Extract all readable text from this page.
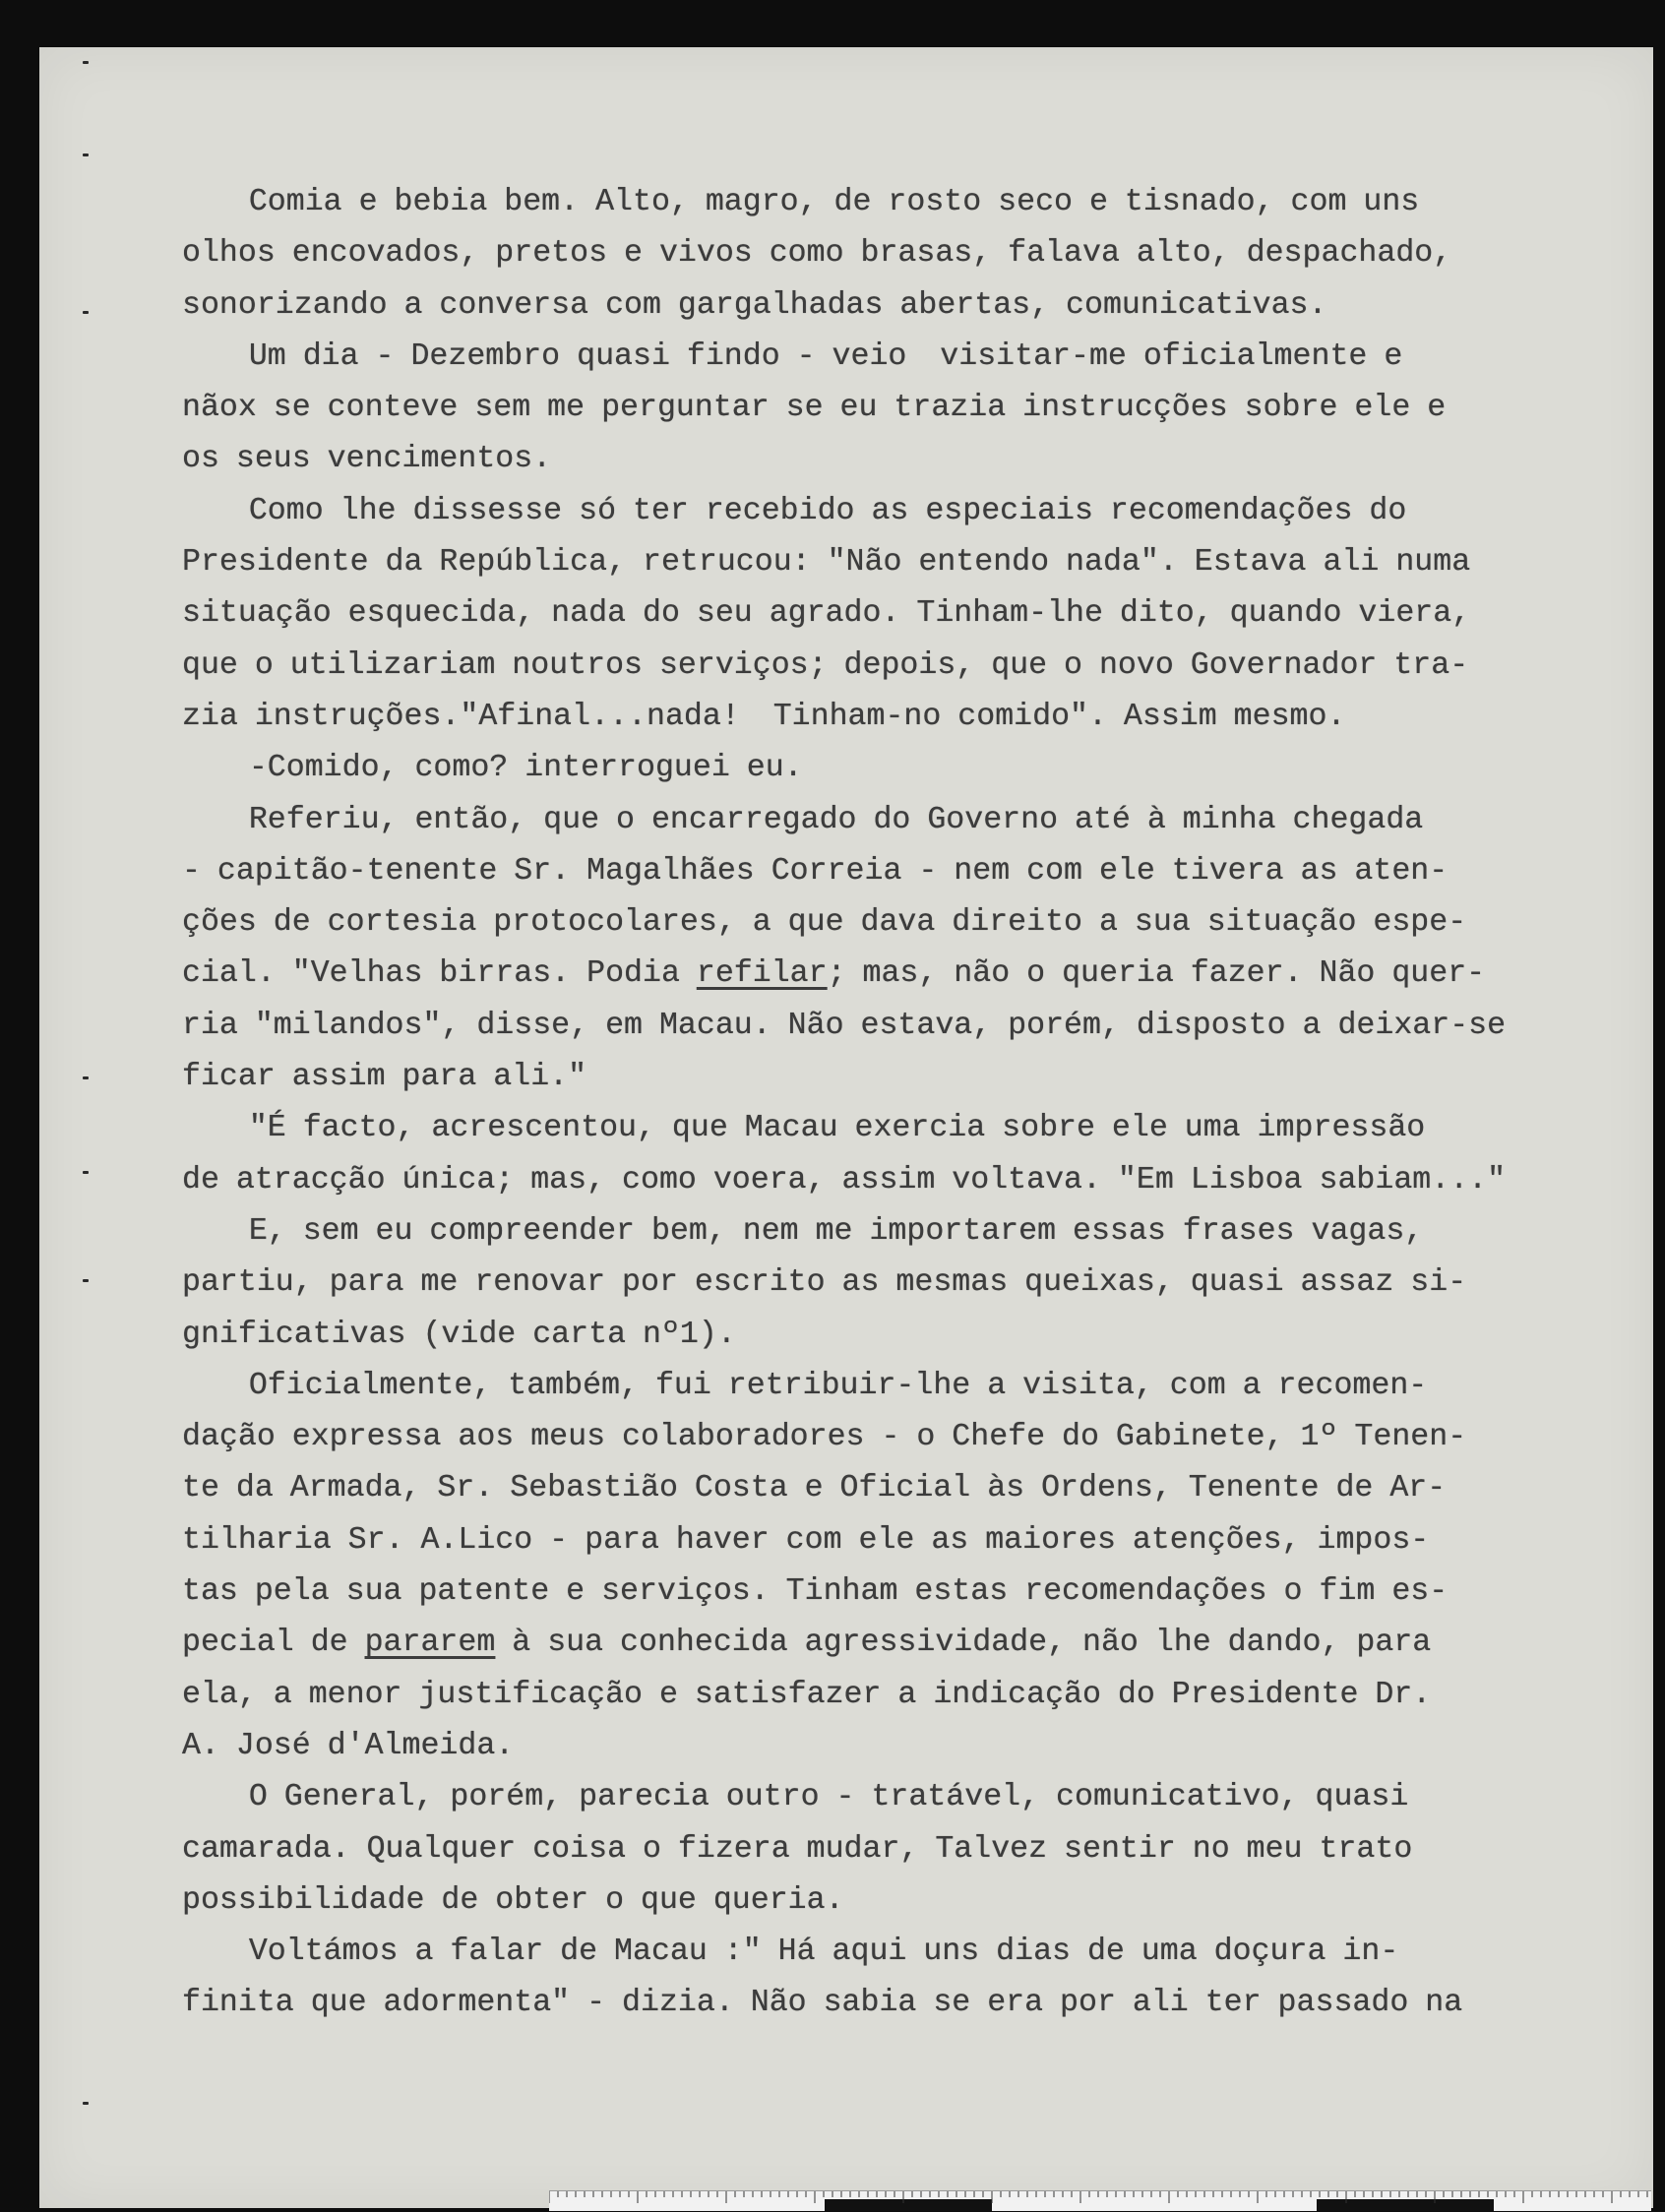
Comia e bebia bem. Alto, magro, de rosto seco e tisnado, com uns
olhos encovados, pretos e vivos como brasas, falava alto, despachado,
sonorizando a conversa com gargalhadas abertas, comunicativas.
Um dia - Dezembro quasi findo - veio  visitar-me oficialmente e
nãox se conteve sem me perguntar se eu trazia instrucções sobre ele e
os seus vencimentos.
Como lhe dissesse só ter recebido as especiais recomendações do
Presidente da República, retrucou: "Não entendo nada". Estava ali numa
situação esquecida, nada do seu agrado. Tinham-lhe dito, quando viera,
que o utilizariam noutros serviços; depois, que o novo Governador tra-
zia instruções."Afinal...nada!  Tinham-no comido". Assim mesmo.
-Comido, como? interroguei eu.
Referiu, então, que o encarregado do Governo até à minha chegada
- capitão-tenente Sr. Magalhães Correia - nem com ele tivera as aten-
ções de cortesia protocolares, a que dava direito a sua situação espe-
cial. "Velhas birras. Podia refilar; mas, não o queria fazer. Não quer-
ria "milandos", disse, em Macau. Não estava, porém, disposto a deixar-se
ficar assim para ali."
"É facto, acrescentou, que Macau exercia sobre ele uma impressão
de atracção única; mas, como voera, assim voltava. "Em Lisboa sabiam..."
E, sem eu compreender bem, nem me importarem essas frases vagas,
partiu, para me renovar por escrito as mesmas queixas, quasi assaz si-
gnificativas (vide carta nº1).
Oficialmente, também, fui retribuir-lhe a visita, com a recomen-
dação expressa aos meus colaboradores - o Chefe do Gabinete, 1º Tenen-
te da Armada, Sr. Sebastião Costa e Oficial às Ordens, Tenente de Ar-
tilharia Sr. A.Lico - para haver com ele as maiores atenções, impos-
tas pela sua patente e serviços. Tinham estas recomendações o fim es-
pecial de pararem à sua conhecida agressividade, não lhe dando, para
ela, a menor justificação e satisfazer a indicação do Presidente Dr.
A. José d'Almeida.
O General, porém, parecia outro - tratável, comunicativo, quasi
camarada. Qualquer coisa o fizera mudar, Talvez sentir no meu trato
possibilidade de obter o que queria.
Voltámos a falar de Macau :" Há aqui uns dias de uma doçura in-
finita que adormenta" - dizia. Não sabia se era por ali ter passado na
